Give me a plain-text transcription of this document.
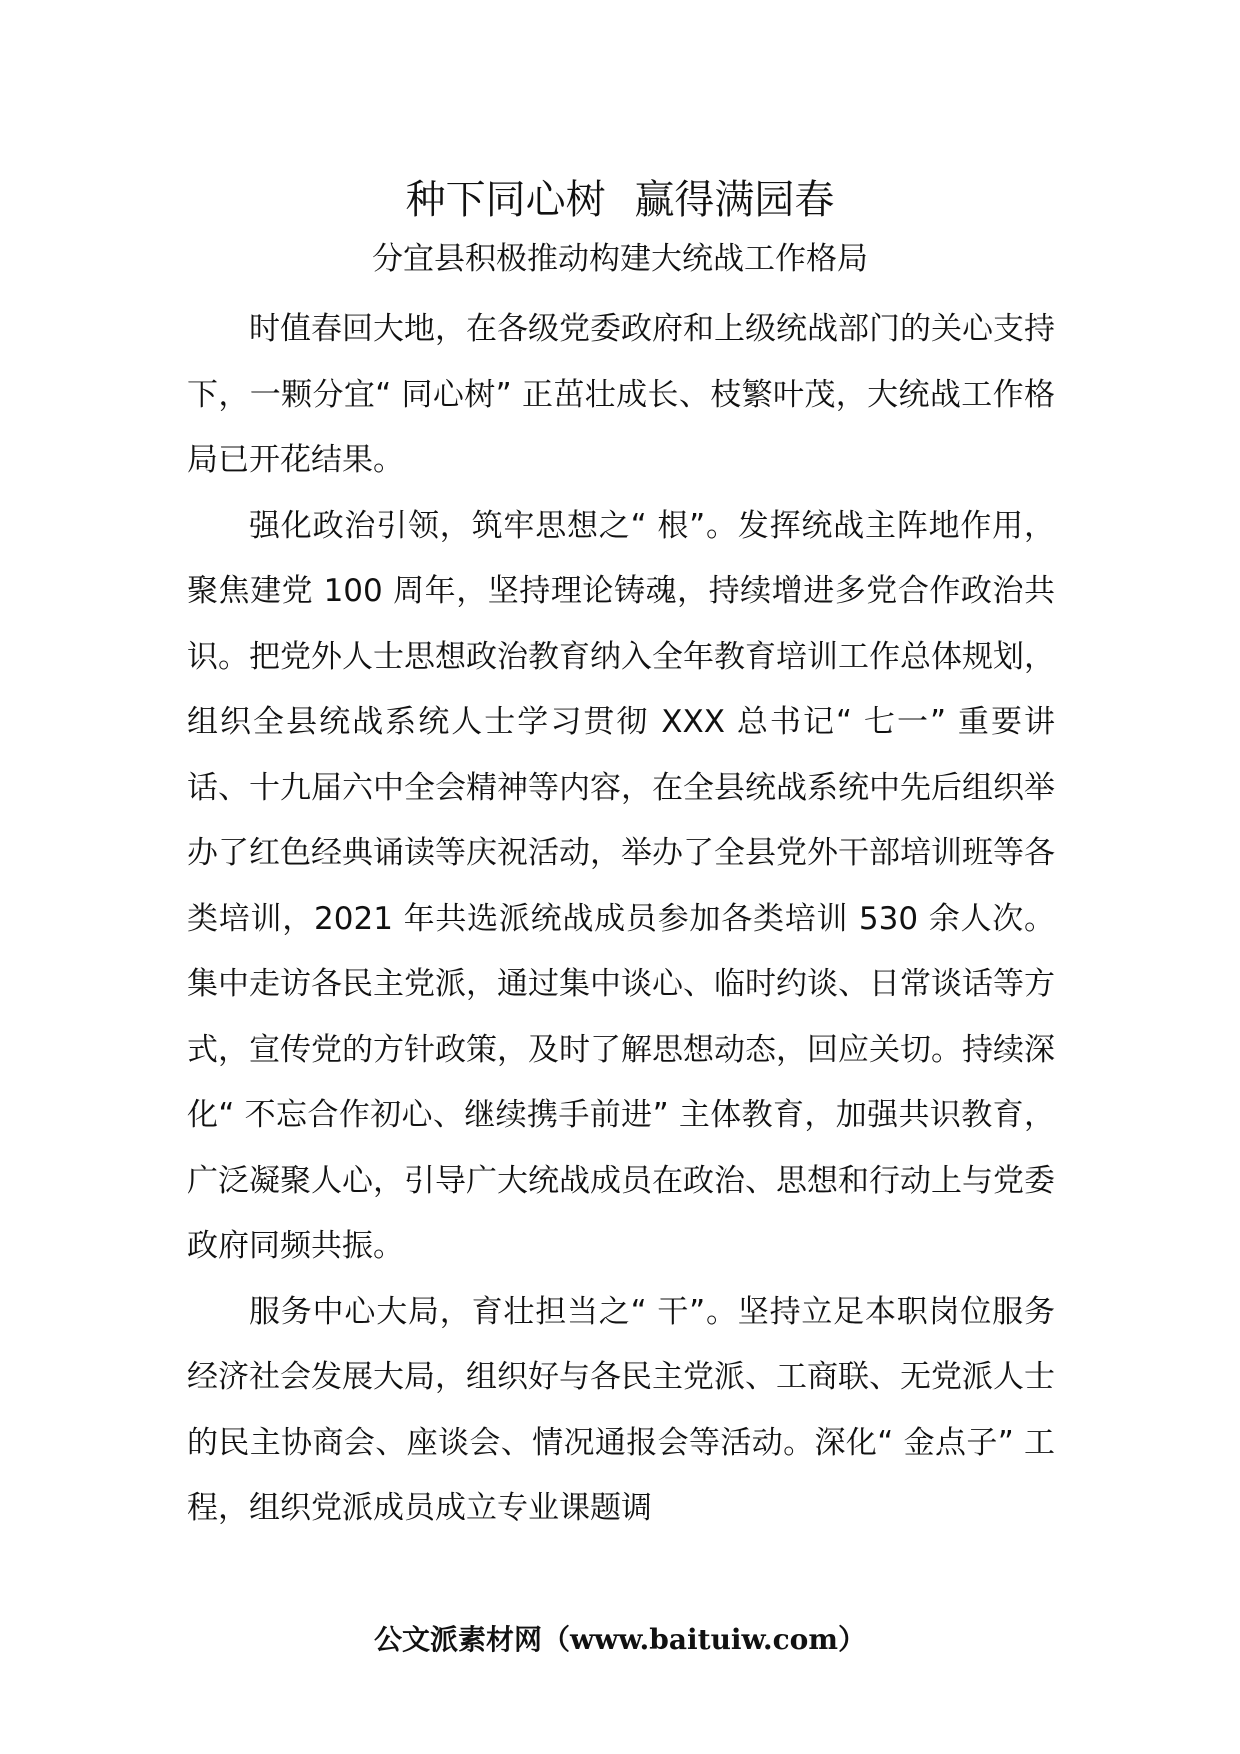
种下同心树 赢得满园春
分宜县积极推动构建大统战工作格局

时值春回大地，在各级党委政府和上级统战部门的关心支持下，一颗分宜“ 同心树” 正茁壮成长、枝繁叶茂，大统战工作格局已开花结果。

强化政治引领，筑牢思想之“ 根”。发挥统战主阵地作用，聚焦建党 100 周年，坚持理论铸魂，持续增进多党合作政治共识。把党外人士思想政治教育纳入全年教育培训工作总体规划，组织全县统战系统人士学习贯彻 XXX 总书记“ 七一” 重要讲话、十九届六中全会精神等内容，在全县统战系统中先后组织举办了红色经典诵读等庆祝活动，举办了全县党外干部培训班等各类培训，2021 年共选派统战成员参加各类培训 530 余人次。集中走访各民主党派，通过集中谈心、临时约谈、日常谈话等方式，宣传党的方针政策，及时了解思想动态，回应关切。持续深化“ 不忘合作初心、继续携手前进” 主体教育，加强共识教育，广泛凝聚人心，引导广大统战成员在政治、思想和行动上与党委政府同频共振。

服务中心大局，育壮担当之“ 干”。坚持立足本职岗位服务经济社会发展大局，组织好与各民主党派、工商联、无党派人士的民主协商会、座谈会、情况通报会等活动。深化“ 金点子” 工程，组织党派成员成立专业课题调

公文派素材网（www.baituiw.com）
